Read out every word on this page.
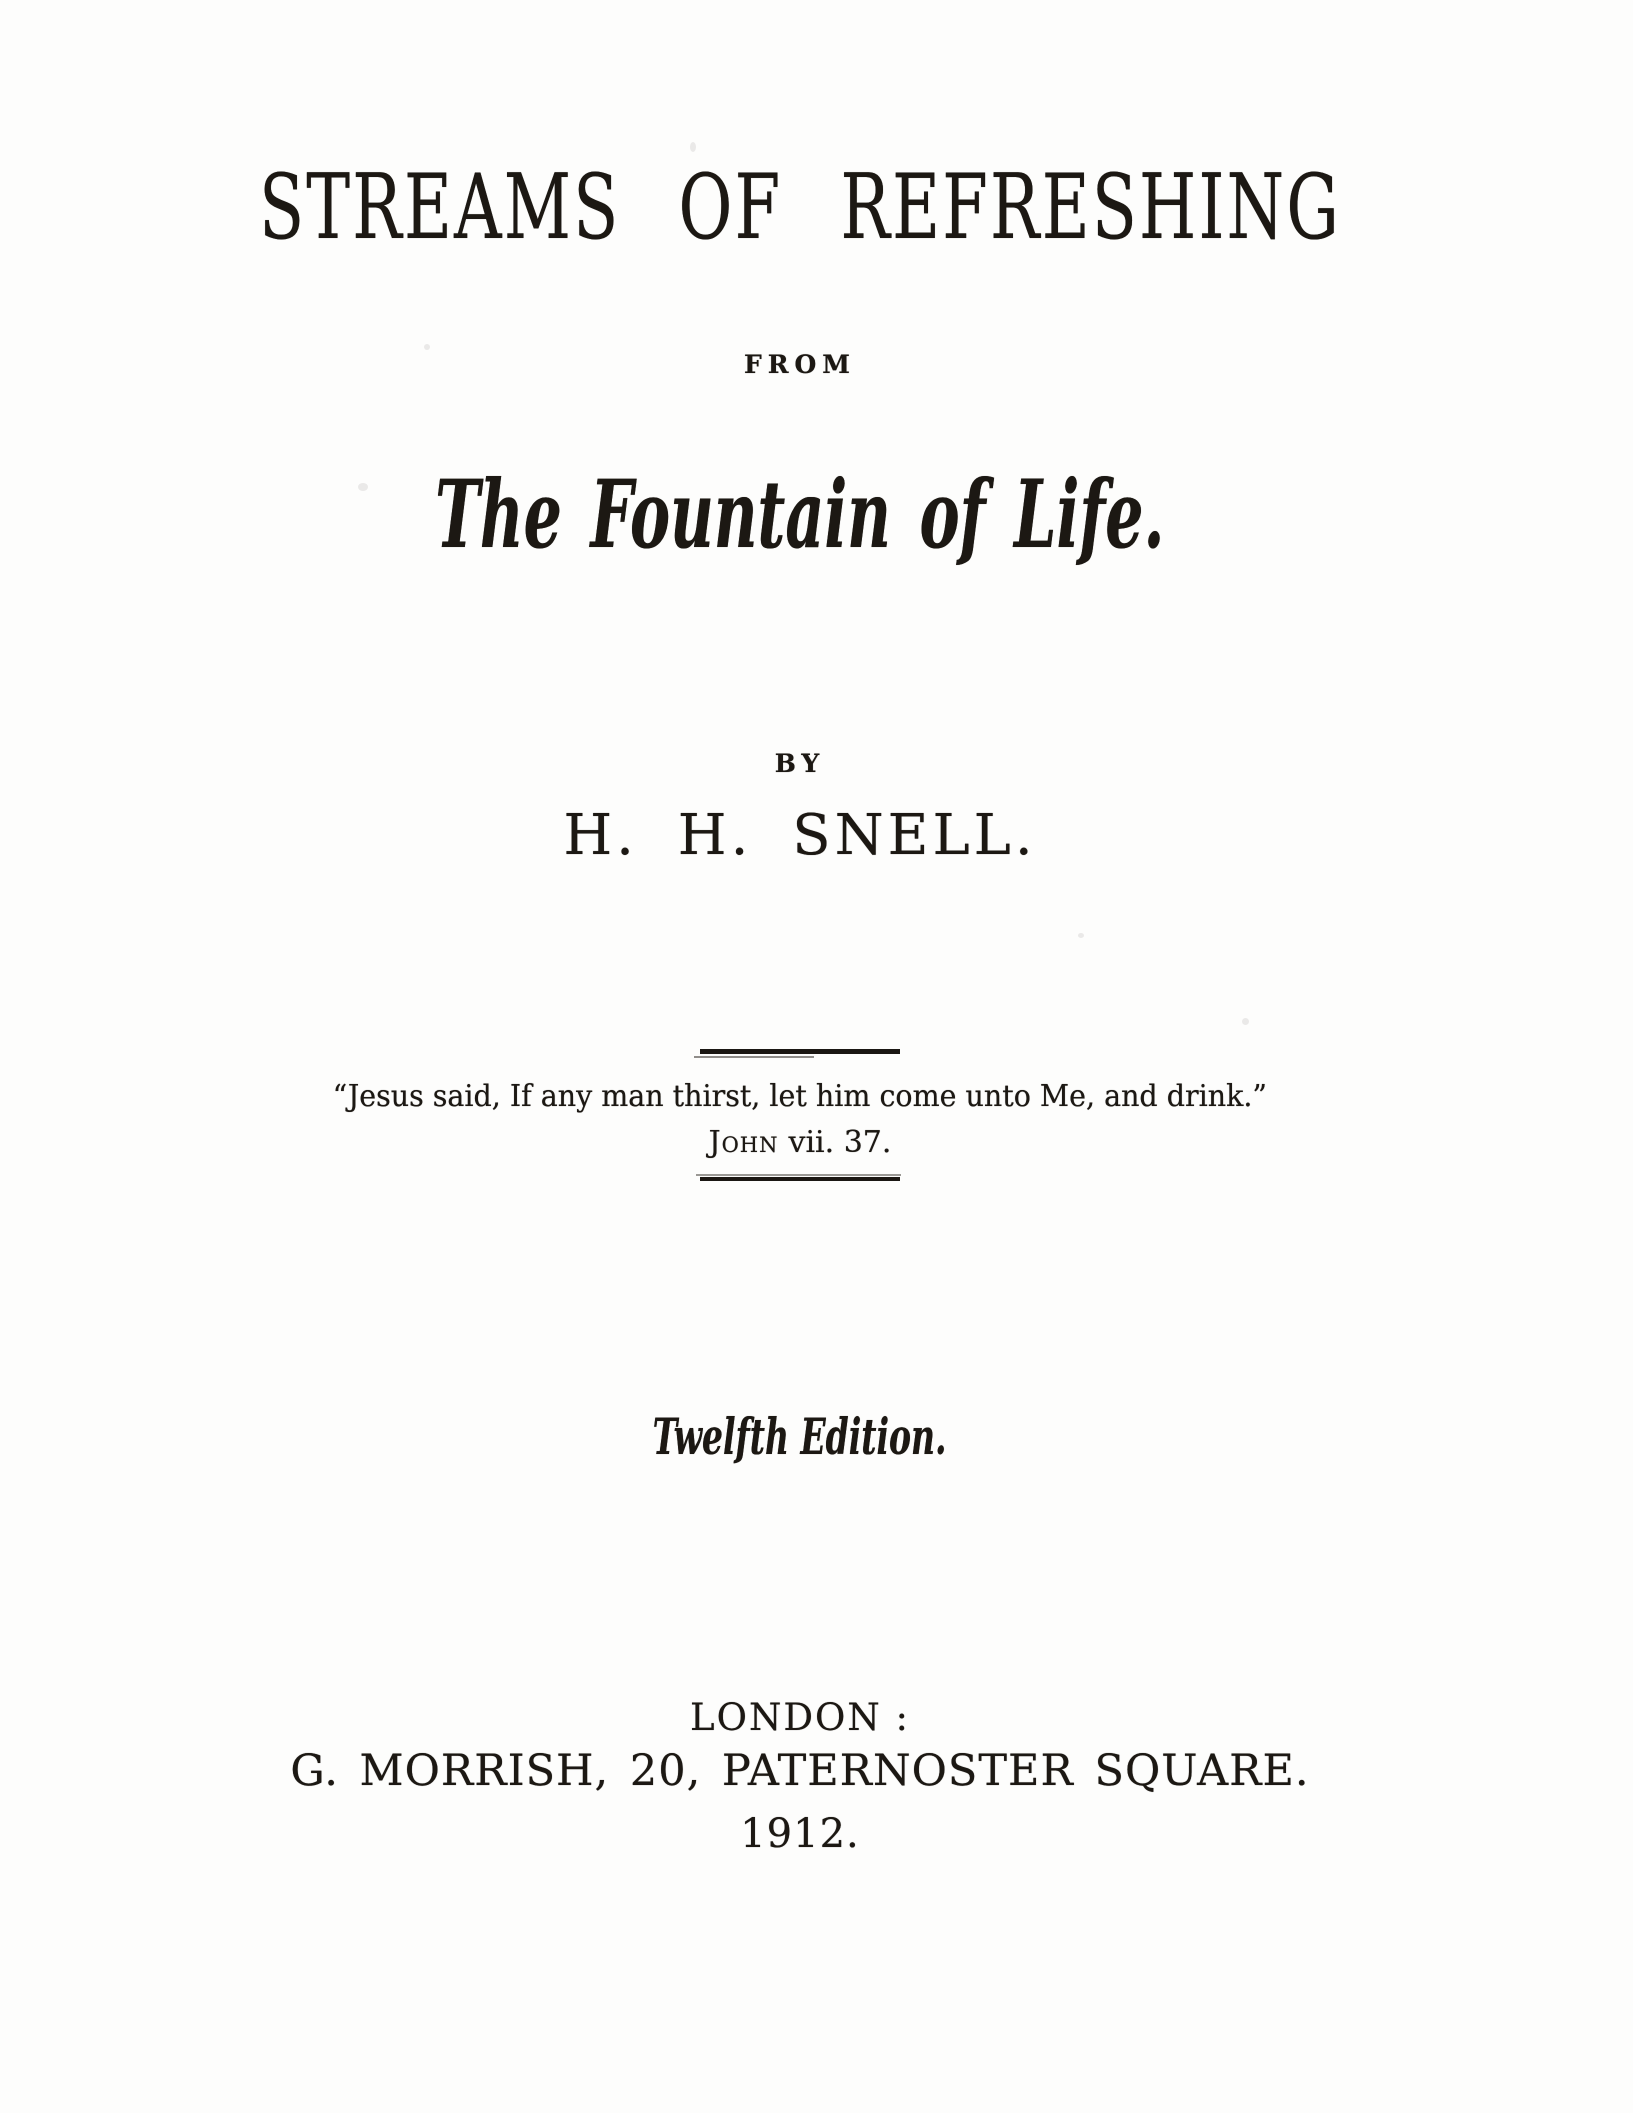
STREAMS OF REFRESHING
FROM
The Fountain of Life.
BY
H. H. SNELL.
“Jesus said, If any man thirst, let him come unto Me, and drink.”
John vii. 37.
Twelfth Edition.
LONDON :
G. MORRISH, 20, PATERNOSTER SQUARE.
1912.
